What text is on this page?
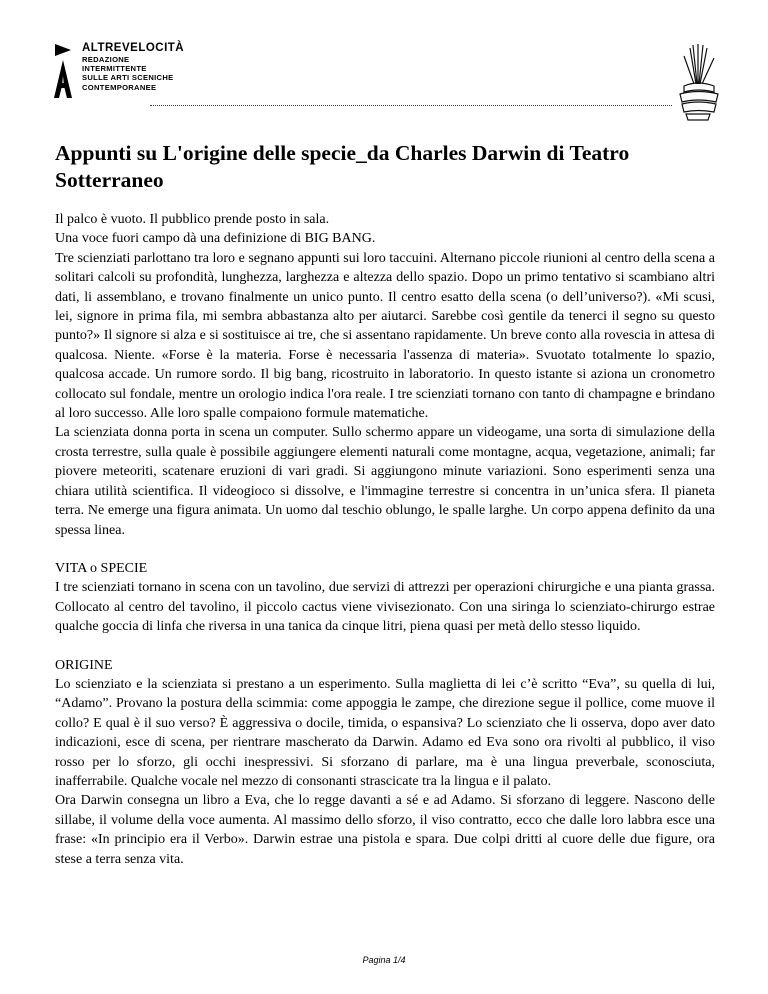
ALTREVELOCITÀ
REDAZIONE
INTERMITTENTE
SULLE ARTI SCENICHE
CONTEMPORANEE
Appunti su L'origine delle specie_da Charles Darwin di Teatro Sotterraneo

Il palco è vuoto. Il pubblico prende posto in sala.

Una voce fuori campo dà una definizione di BIG BANG.

Tre scienziati parlottano tra loro e segnano appunti sui loro taccuini. Alternano piccole riunioni al centro della scena a solitari calcoli su profondità, lunghezza, larghezza e altezza dello spazio. Dopo un primo tentativo si scambiano altri dati, li assemblano, e trovano finalmente un unico punto. Il centro esatto della scena (o dell’universo?). «Mi scusi, lei, signore in prima fila, mi sembra abbastanza alto per aiutarci. Sarebbe così gentile da tenerci il segno su questo punto?» Il signore si alza e si sostituisce ai tre, che si assentano rapidamente. Un breve conto alla rovescia in attesa di qualcosa. Niente. «Forse è la materia. Forse è necessaria l'assenza di materia». Svuotato totalmente lo spazio, qualcosa accade. Un rumore sordo. Il big bang, ricostruito in laboratorio. In questo istante si aziona un cronometro collocato sul fondale, mentre un orologio indica l'ora reale. I tre scienziati tornano con tanto di champagne e brindano al loro successo. Alle loro spalle compaiono formule matematiche.

La scienziata donna porta in scena un computer. Sullo schermo appare un videogame, una sorta di simulazione della crosta terrestre, sulla quale è possibile aggiungere elementi naturali come montagne, acqua, vegetazione, animali; far piovere meteoriti, scatenare eruzioni di vari gradi. Si aggiungono minute variazioni. Sono esperimenti senza una chiara utilità scientifica. Il videogioco si dissolve, e l'immagine terrestre si concentra in un’unica sfera. Il pianeta terra. Ne emerge una figura animata. Un uomo dal teschio oblungo, le spalle larghe. Un corpo appena definito da una spessa linea.

VITA o SPECIE

I tre scienziati tornano in scena con un tavolino, due servizi di attrezzi per operazioni chirurgiche e una pianta grassa. Collocato al centro del tavolino, il piccolo cactus viene vivisezionato. Con una siringa lo scienziato-chirurgo estrae qualche goccia di linfa che riversa in una tanica da cinque litri, piena quasi per metà dello stesso liquido.

ORIGINE

Lo scienziato e la scienziata si prestano a un esperimento. Sulla maglietta di lei c’è scritto “Eva”, su quella di lui, “Adamo”. Provano la postura della scimmia: come appoggia le zampe, che direzione segue il pollice, come muove il collo? E qual è il suo verso? È aggressiva o docile, timida, o espansiva? Lo scienziato che li osserva, dopo aver dato indicazioni, esce di scena, per rientrare mascherato da Darwin. Adamo ed Eva sono ora rivolti al pubblico, il viso rosso per lo sforzo, gli occhi inespressivi. Si sforzano di parlare, ma è una lingua preverbale, sconosciuta, inafferrabile. Qualche vocale nel mezzo di consonanti strascicate tra la lingua e il palato.

Ora Darwin consegna un libro a Eva, che lo regge davanti a sé e ad Adamo. Si sforzano di leggere. Nascono delle sillabe, il volume della voce aumenta. Al massimo dello sforzo, il viso contratto, ecco che dalle loro labbra esce una frase: «In principio era il Verbo». Darwin estrae una pistola e spara. Due colpi dritti al cuore delle due figure, ora stese a terra senza vita.

Pagina 1/4
